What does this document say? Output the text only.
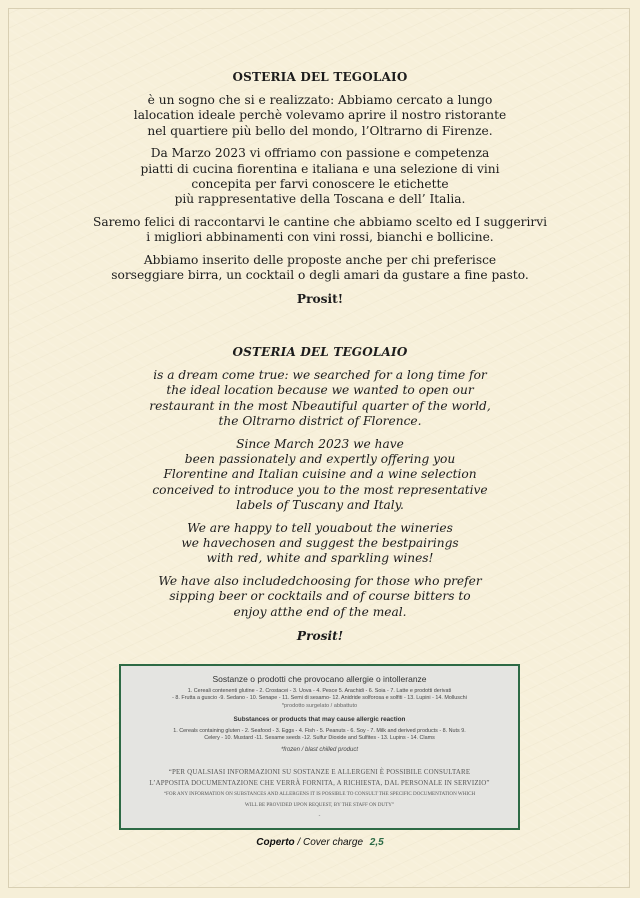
OSTERIA DEL TEGOLAIO

è un sogno che si e realizzato: Abbiamo cercato a lungo
lalocation ideale perchè volevamo aprire il nostro ristorante
nel quartiere più bello del mondo, l’Oltrarno di Firenze.

Da Marzo 2023 vi offriamo con passione e competenza
piatti di cucina fiorentina e italiana e una selezione di vini
concepita per farvi conoscere le etichette
più rappresentative della Toscana e dell’ Italia.

Saremo felici di raccontarvi le cantine che abbiamo scelto ed I suggerirvi
i migliori abbinamenti con vini rossi, bianchi e bollicine.

Abbiamo inserito delle proposte anche per chi preferisce
sorseggiare birra, un cocktail o degli amari da gustare a fine pasto.

Prosit!

OSTERIA DEL TEGOLAIO

is a dream come true: we searched for a long time for
the ideal location because we wanted to open our
restaurant in the most Nbeautiful quarter of the world,
the Oltrarno district of Florence.

Since March 2023 we have
been passionately and expertly offering you
Florentine and Italian cuisine and a wine selection
conceived to introduce you to the most representative
labels of Tuscany and Italy.

We are happy to tell youabout the wineries
we havechosen and suggest the bestpairings
with red, white and sparkling wines!

We have also includedchoosing for those who prefer
sipping beer or cocktails and of course bitters to
enjoy atthe end of the meal.

Prosit!

Sostanze o prodotti che provocano allergie o intolleranze
1. Cereali contenenti glutine - 2. Crostacei - 3. Uova - 4. Pesce 5. Arachidi - 6. Soia - 7. Latte e prodotti derivati
- 8. Frutta a guscio -9. Sedano - 10. Senape - 11. Semi di sesamo- 12. Anidride solforosa e solfiti - 13. Lupini - 14. Molluschi
*prodotto surgelato / abbattuto
Substances or products that may cause allergic reaction
1. Cereals containing gluten - 2. Seafood - 3. Eggs - 4. Fish - 5. Peanuts - 6. Soy - 7. Milk and derived products - 8. Nuts 9.
Celery - 10. Mustard -11. Sesame seeds -12. Sulfur Dioxide and Sulfites - 13. Lupins - 14. Clams
*frozen / blast chilled product
“PER QUALSIASI INFORMAZIONI SU SOSTANZE E ALLERGENI È POSSIBILE CONSULTARE
L’APPOSITA DOCUMENTAZIONE CHE VERRÀ FORNITA, A RICHIESTA, DAL PERSONALE IN SERVIZIO”
“FOR ANY INFORMATION ON SUBSTANCES AND ALLERGENS IT IS POSSIBLE TO CONSULT THE SPECIFIC DOCUMENTATION WHICH
WILL BE PROVIDED UPON REQUEST, BY THE STAFF ON DUTY”
-
Coperto / Cover charge 2,5
